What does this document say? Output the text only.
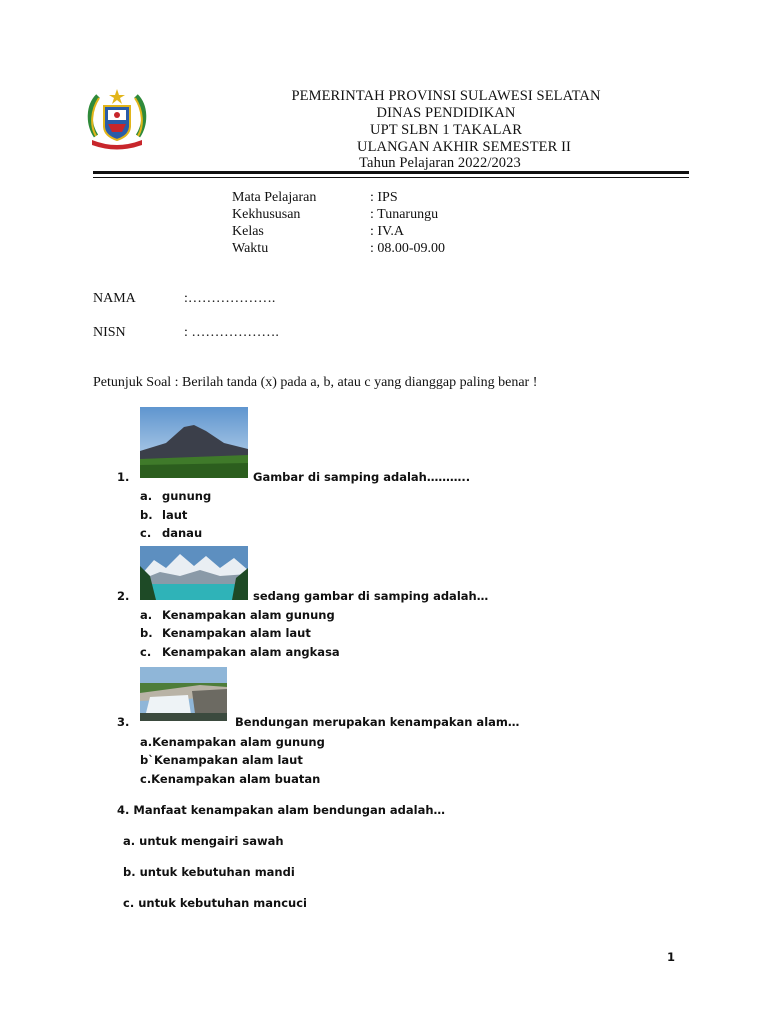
PEMERINTAH PROVINSI SULAWESI SELATAN
DINAS PENDIDIKAN
UPT SLBN 1 TAKALAR
ULANGAN AKHIR SEMESTER II
Tahun Pelajaran 2022/2023
Mata Pelajaran	: IPS
Kekhususan	: Tunarungu
Kelas	: IV.A
Waktu	: 08.00-09.00
NAMA	:……………….
NISN	: ……………….
Petunjuk Soal : Berilah tanda (x) pada a, b, atau c yang dianggap paling benar !
1.	Gambar di samping adalah………..
a. gunung
b. laut
c. danau
2.	sedang gambar di samping adalah…
a. Kenampakan alam gunung
b. Kenampakan alam laut
c. Kenampakan alam angkasa
3.	Bendungan merupakan kenampakan alam…
a.Kenampakan alam gunung
b`Kenampakan alam laut
c.Kenampakan alam buatan
4. Manfaat kenampakan alam bendungan adalah…
a. untuk mengairi sawah
b. untuk kebutuhan mandi
c. untuk kebutuhan mancuci
1
